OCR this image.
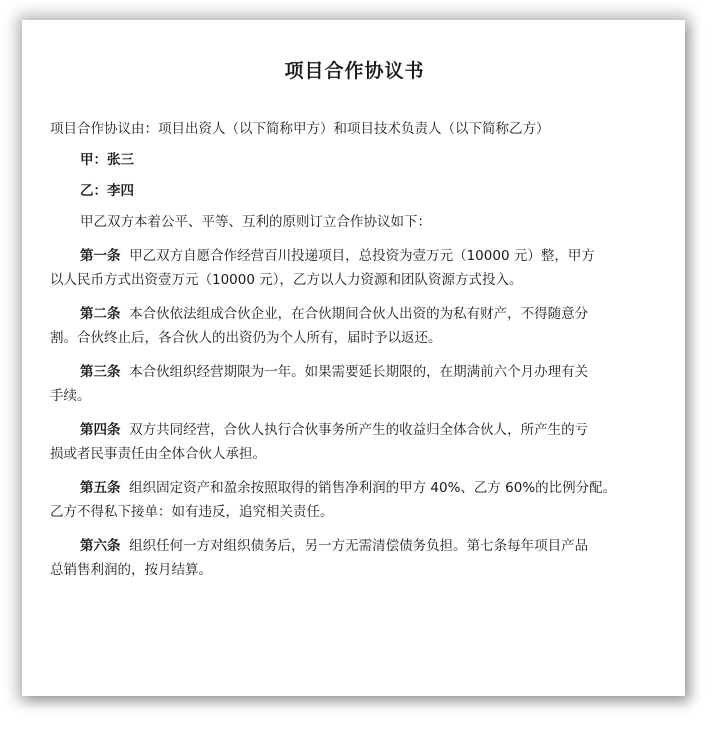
项目合作协议书

项目合作协议由：项目出资人（以下简称甲方）和项目技术负责人（以下简称乙方）

甲：张三

乙：李四

甲乙双方本着公平、平等、互利的原则订立合作协议如下：

第一条 甲乙双方自愿合作经营百川投递项目，总投资为壹万元（10000 元）整，甲方

以人民币方式出资壹万元（10000 元），乙方以人力资源和团队资源方式投入。

第二条 本合伙依法组成合伙企业，在合伙期间合伙人出资的为私有财产，不得随意分

割。合伙终止后，各合伙人的出资仍为个人所有，届时予以返还。

第三条 本合伙组织经营期限为一年。如果需要延长期限的，在期满前六个月办理有关

手续。

第四条 双方共同经营，合伙人执行合伙事务所产生的收益归全体合伙人，所产生的亏

损或者民事责任由全体合伙人承担。

第五条 组织固定资产和盈余按照取得的销售净利润的甲方 40%、乙方 60%的比例分配。

乙方不得私下接单：如有违反，追究相关责任。

第六条 组织任何一方对组织债务后，另一方无需清偿债务负担。第七条每年项目产品

总销售利润的，按月结算。
